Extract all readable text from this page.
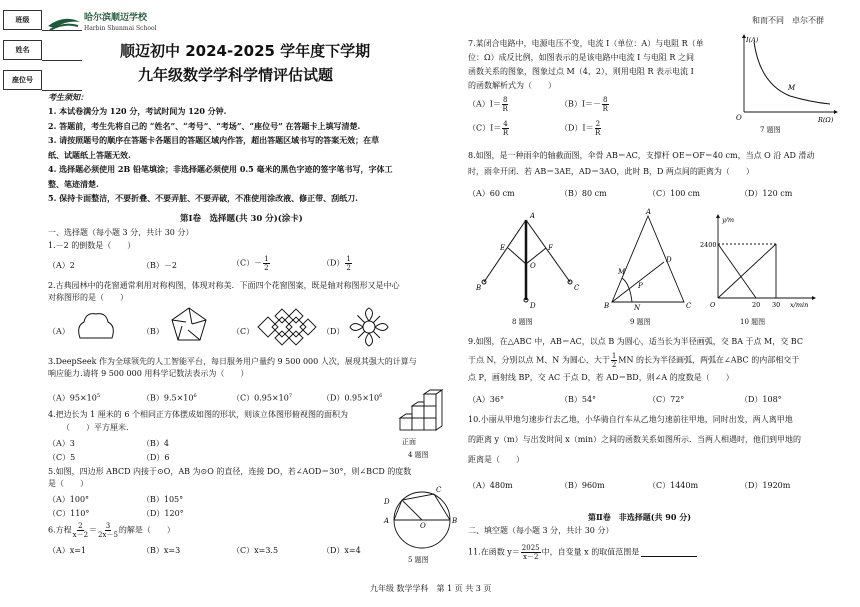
班级
姓名
座位号
哈尔滨顺迈学校
Harbin Shunmai School
顺迈初中 2024-2025 学年度下学期
九年级数学学科学情评估试题
考生须知：
1. 本试卷满分为 120 分，考试时间为 120 分钟.
2. 答题前，考生先将自己的 “姓名”、“考号”、“考场”、“座位号” 在答题卡上填写清楚.
3. 请按照题号的顺序在答题卡各题目的答题区域内作答，超出答题区域书写的答案无效；在草
纸、试题纸上答题无效.
4. 选择题必须使用 2B 铅笔填涂；非选择题必须使用 0.5 毫米的黑色字迹的签字笔书写，字体工
整、笔迹清楚.
5. 保持卡面整洁，不要折叠、不要弄脏、不要弄破，不准使用涂改液、修正带、刮纸刀.
第Ⅰ卷　选择题(共 30 分)(涂卡)
一、选择题（每小题 3 分，共计 30 分）
1.－2 的倒数是（　　）
（A）2	（B）－2	$(C)- \frac{1}{2}$	$(D) \frac{1}{2}$
2.古典园林中的花窗通常利用对称构图，体现对称美．下面四个花窗图案，既是轴对称图形又是中心
对称图形的是（　　）
（A）	（B）	（C）	（D）
3.DeepSeek 作为全球领先的人工智能平台，每日服务用户量约 9 500 000 人次，展现其强大的计算与
响应能力.请将 9 500 000 用科学记数法表示为（　　）
$(A)95\times 10^5$	$(B)9.5\times 10^6$	$(C)0.95\times 10^7$	$(D)0.95\times 10^6$
4.把边长为 1 厘米的 6 个相同正方体摆成如图的形状，则该立体图形俯视图的面积为
（　　）平方厘米.
（A）3	（B）4
（C）5	（D）6
正面
4 题图
5.如图，四边形 ABCD 内接于⊙O，AB 为⊙O 的直径，连接 DO，若∠AOD＝30°，则∠BCD 的度数
是（　　）
（A）100°	（B）105°
（C）110°	（D）120°
D
C
A	B
O
5 题图
6.方程 $\frac{2}{x-2} = \frac{3}{2x-5}$ 的解是（　　）
（A）x=1	（B）x=3	（C）x=3.5	（D）x=4
和而不同　卓尔不群
7.某闭合电路中，电源电压不变，电流 I（单位：A）与电阻 R（单
位：Ω）成反比例，如图表示的是该电路中电流 I 与电阻 R 之间
函数关系的图象，图象过点 M（4，2），则用电阻 R 表示电流 I
的函数解析式为（　　）
$(A)I= \frac{8}{R}$	$(B)I=- \frac{8}{R}$
$(C)I= \frac{4}{R}$	$(D)I= \frac{2}{R}$
O
I(A)
R(Ω)
M
7 题图
8.如图，是一种雨伞的轴截面图，伞骨 AB＝AC，支撑杆 OE＝OF＝40 cm，当点 O 沿 AD 滑动
时，雨伞开闭．若 AB＝3AE，AD＝3AO，此时 B，D 两点间的距离为（　　）
（A）60 cm	（B）80 cm	（C）100 cm	（D）120 cm
B	C
A
D
E	F
O
8 题图
A
B	C
D
M
N
P
9 题图
y/m
2400
O	20 30 x/min
10 题图
9.如图，在△ABC 中，AB＝AC，以点 B 为圆心，适当长为半径画弧，交 BA 于点 M，交 BC
于点 N，分别以点 M、N 为圆心，大于 $\frac{1}{2}$ MN 的长为半径画弧，两弧在∠ABC 的内部相交于
点 P，画射线 BP，交 AC 于点 D，若 AD＝BD，则∠A 的度数是（　　）
（A）36°	（B）54°	（C）72°	（D）108°
10.小丽从甲地匀速步行去乙地，小华骑自行车从乙地匀速前往甲地，同时出发，两人离甲地
的距离 y（m）与出发时间 x（min）之间的函数关系如图所示．当两人相遇时，他们到甲地的
距离是（　　）
（A）480m	（B）960m	（C）1440m	（D）1920m
第Ⅱ卷　非选择题(共 90 分)
二、填空题（每小题 3 分，共计 30 分）
11.在函数 $y= \frac{2025}{x-2}$ 中，自变量 x 的取值范围是
九年级 数学学科　第 1 页 共 3 页
